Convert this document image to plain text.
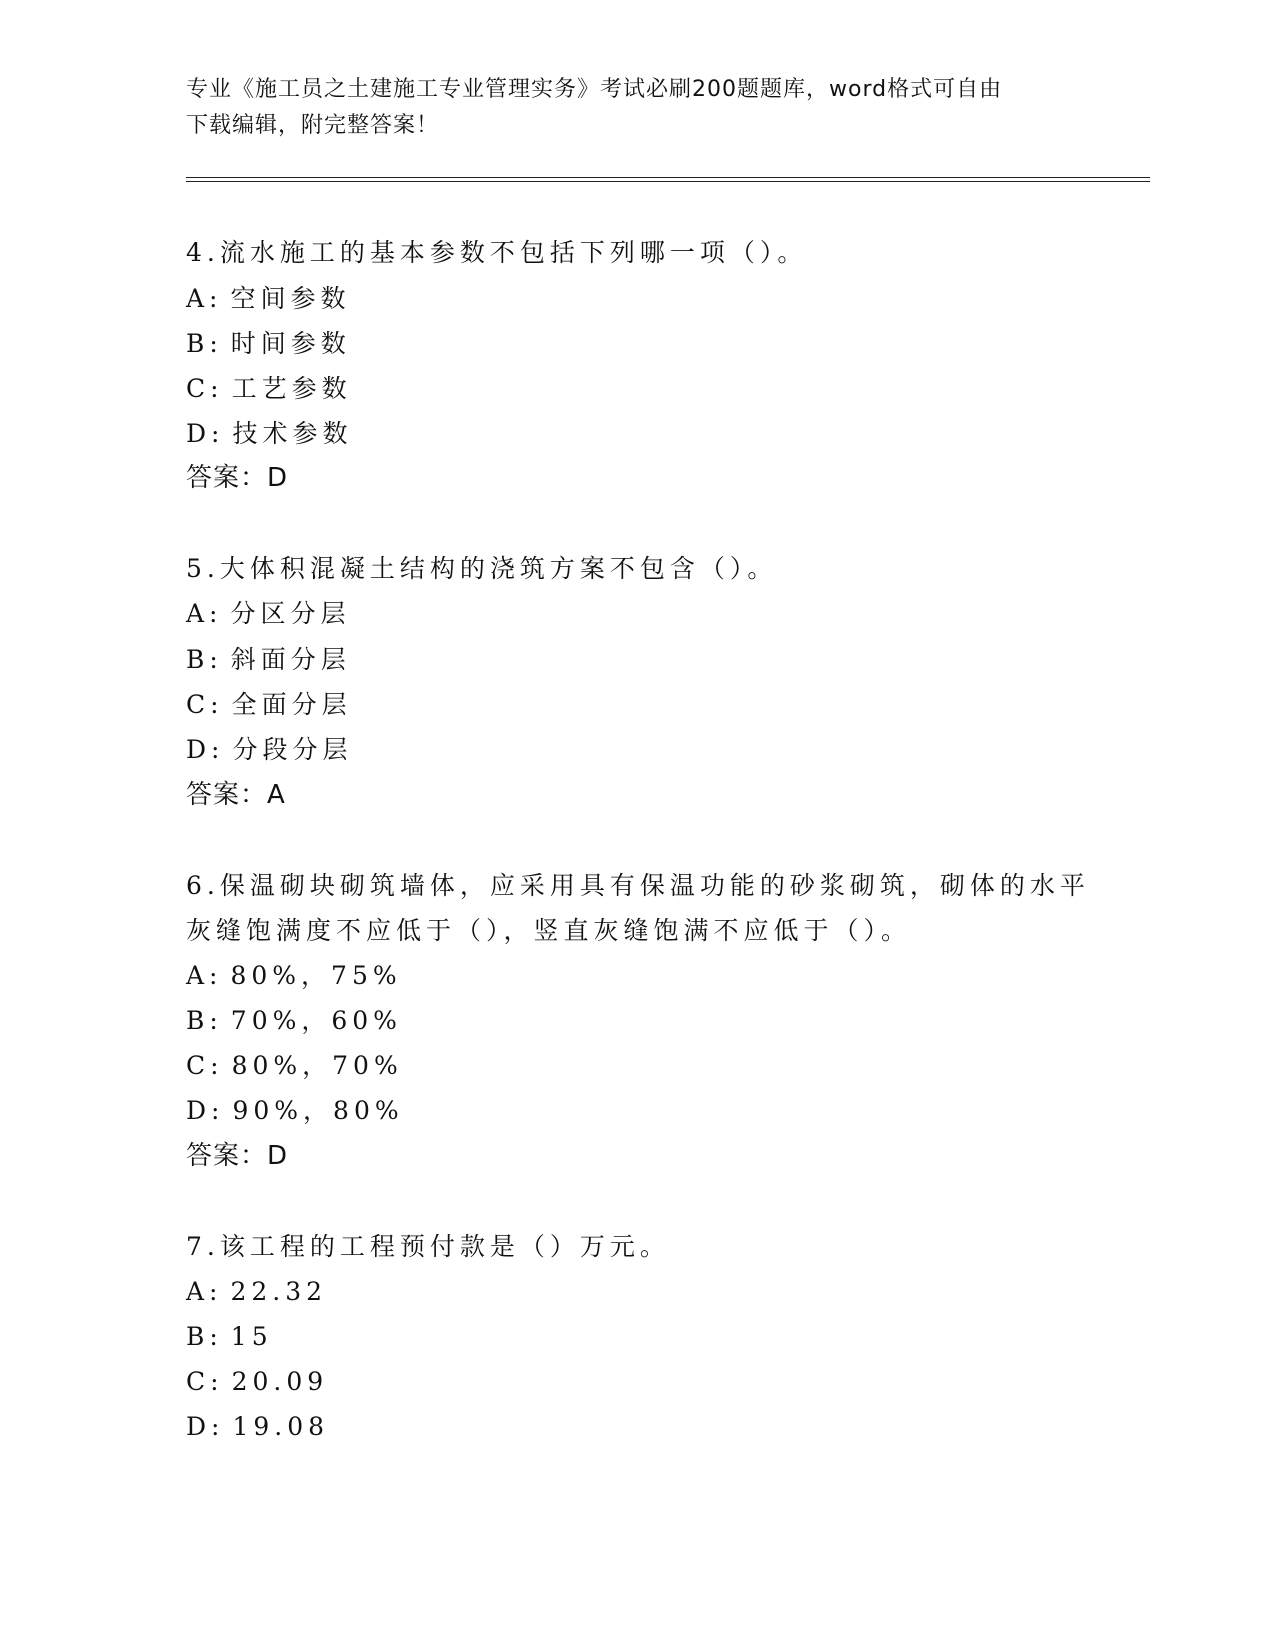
专业《施工员之土建施工专业管理实务》考试必刷200题题库，word格式可自由
下载编辑，附完整答案！
4.流水施工的基本参数不包括下列哪一项（）。
A: 空间参数
B: 时间参数
C: 工艺参数
D: 技术参数
答案：D
5.大体积混凝土结构的浇筑方案不包含（）。
A: 分区分层
B: 斜面分层
C: 全面分层
D: 分段分层
答案：A
6.保温砌块砌筑墙体，应采用具有保温功能的砂浆砌筑，砌体的水平
灰缝饱满度不应低于（），竖直灰缝饱满不应低于（）。
A: 80%，75%
B: 70%，60%
C: 80%，70%
D: 90%，80%
答案：D
7.该工程的工程预付款是（）万元。
A: 22.32
B: 15
C: 20.09
D: 19.08
